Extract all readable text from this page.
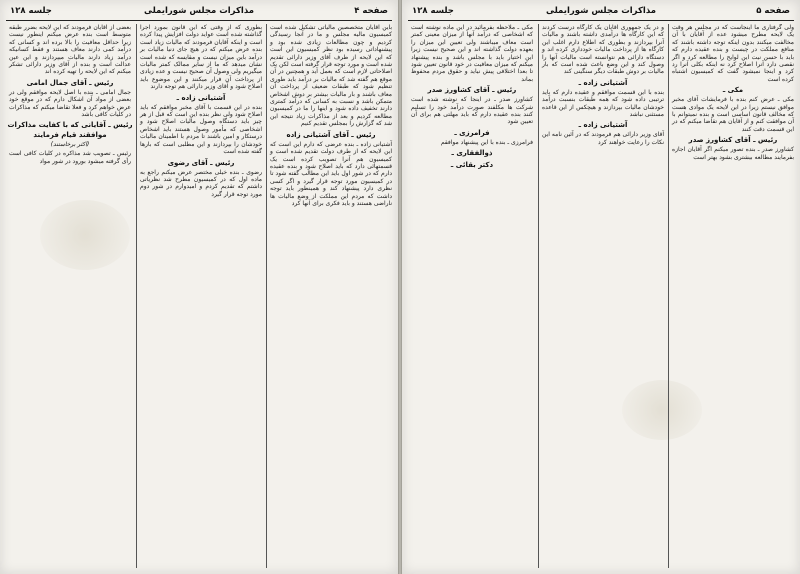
جلسه ۱۲۸	مذاکرات مجلس شورایملی	صفحه ۴
باین آقایان متخصصین مالیاتی تشکیل شده است کمیسیون مالیه مجلس و ما در آنجا رسیدگی کردیم و چون مطالعات زیادی شده بود و پیشنهاداتی رسیده بود نظر کمیسیون این است که این لایحه از طرف آقای وزیر دارائی تقدیم شده است و مورد توجه قرار گرفته است لکن یک اصلاحاتی لازم است که بعمل آید و همچنین در آن موقع هم گفته شد که مالیات بر درآمد باید طوری تنظیم شود که طبقات ضعیف از پرداخت آن معاف باشند و بار مالیات بیشتر بر دوش اشخاص متمکن باشد و نسبت به کسانی که درآمد کمتری دارند تخفیف داده شود و اینها را ما در کمیسیون مطالعه کردیم و بعد از مذاکرات زیاد نتیجه این شد که گزارش را بمجلس تقدیم کنیم
رئیس ـ آقای آشتیانی زاده
آشتیانی زاده ـ بنده عرضی که دارم این است که این لایحه که از طرف دولت تقدیم شده است و کمیسیون هم آنرا تصویب کرده است یک قسمتهائی دارد که باید اصلاح شود و بنده عقیده دارم که در شور اول باید این مطالب گفته شود تا در کمیسیون مورد توجه قرار گیرد و اگر کسی نظری دارد پیشنهاد کند و همینطور باید توجه داشت که مردم این مملکت از وضع مالیات ها ناراضی هستند و باید فکری برای آنها کرد
بطوری که از وقتی که این قانون بمورد اجرا گذاشته شده است عواید دولت افزایش پیدا کرده است و اینکه آقایان فرمودند که مالیات زیاد است بنده عرض میکنم که در هیچ جای دنیا مالیات بر درآمد باین میزان نیست و مقایسه که شده است نشان میدهد که ما از سایر ممالک کمتر مالیات میگیریم ولی وصول آن صحیح نیست و عده زیادی از پرداخت آن فرار میکنند و این موضوع باید اصلاح شود و آقای وزیر دارائی هم توجه دارند
آشتیانی زاده ـ
بنده در این قسمت با آقای مخبر موافقم که باید اصلاح شود ولی نظر بنده این است که قبل از هر چیز باید دستگاه وصول مالیات اصلاح شود و اشخاصی که مأمور وصول هستند باید اشخاص درستکار و امین باشند تا مردم با اطمینان مالیات خودشان را بپردازند و این مطلبی است که بارها گفته شده است
رئیس ـ آقای رضوی
رضوی ـ بنده خیلی مختصر عرض میکنم راجع به ماده اول که در کمیسیون مطرح شد نظریاتی داشتم که تقدیم کردم و امیدوارم در شور دوم مورد توجه قرار گیرد
بعضی از آقایان فرمودند که این لایحه بضرر طبقه متوسط است بنده عرض میکنم اینطور نیست زیرا حداقل معافیت را بالا برده اند و کسانی که درآمد کمی دارند معاف هستند و فقط کسانیکه درآمد زیاد دارند مالیات میپردازند و این عین عدالت است و بنده از آقای وزیر دارائی تشکر میکنم که این لایحه را تهیه کرده اند
رئیس ـ آقای جمال امامی
جمال امامی ـ بنده با اصل لایحه موافقم ولی در بعضی از مواد آن اشکال دارم که در موقع خود عرض خواهم کرد و فعلا تقاضا میکنم که مذاکرات در کلیات کافی باشد
رئیس ـ آقایانی که با کفایت مذاکرات موافقند قیام فرمایند
(اکثر برخاستند)
رئیس ـ تصویب شد مذاکره در کلیات کافی است رأی گرفته میشود بورود در شور مواد
جلسه ۱۲۸	مذاکرات مجلس شورایملی	صفحه ۵
ولی گرفتاری ما اینجاست که در مجلس هر وقت یک لایحه مطرح میشود عده از آقایان با آن مخالفت میکنند بدون اینکه توجه داشته باشند که منافع مملکت در چیست و بنده عقیده دارم که باید با حسن نیت این لوایح را مطالعه کرد و اگر نقصی دارد آنرا اصلاح کرد نه اینکه بکلی آنرا رد کرد و اینجا نمیشود گفت که کمیسیون اشتباه کرده است
مکی ـ
مکی ـ عرض کنم بنده با فرمایشات آقای مخبر موافق نیستم زیرا در این لایحه یک موادی هست که مخالف قانون اساسی است و بنده نمیتوانم با آن موافقت کنم و از آقایان هم تقاضا میکنم که در این قسمت دقت کنند
رئیس ـ آقای کشاورز صدر
کشاورز صدر ـ بنده تصور میکنم اگر آقایان اجازه بفرمایند مطالعه بیشتری بشود بهتر است
و در یک جمهوری آقایان یک کارگاه درست کردند که این کارگاه ها درآمدی داشته باشند و مالیات آنرا بپردازند و بطوری که اطلاع دارم اغلب این کارگاه ها از پرداخت مالیات خودداری کرده اند و دستگاه دارائی هم نتوانسته است مالیات آنها را وصول کند و این وضع باعث شده است که بار مالیات بر دوش طبقات دیگر سنگینی کند
آشتیانی زاده ـ
بنده با این قسمت موافقم و عقیده دارم که باید ترتیبی داده شود که همه طبقات بنسبت درآمد خودشان مالیات بپردازند و هیچکس از این قاعده مستثنی نباشد
آشتیانی زاده ـ
آقای وزیر دارائی هم فرمودند که در آئین نامه این نکات را رعایت خواهند کرد
مکی ـ ملاحظه بفرمائید در این ماده نوشته است که اشخاصی که درآمد آنها از میزان معینی کمتر است معاف میباشند ولی تعیین این میزان را بعهده دولت گذاشته اند و این صحیح نیست زیرا این اختیار باید با مجلس باشد و بنده پیشنهاد میکنم که میزان معافیت در خود قانون تعیین شود تا بعدا اختلافی پیش نیاید و حقوق مردم محفوظ بماند
رئیس ـ آقای کشاورز صدر
کشاورز صدر ـ در اینجا که نوشته شده است شرکت ها مکلفند صورت درآمد خود را تسلیم کنند بنده عقیده دارم که باید مهلتی هم برای آن تعیین شود
فرامرزی ـ
فرامرزی ـ بنده با این پیشنهاد موافقم
ذوالفقاری ـ
دکتر بقائی ـ
